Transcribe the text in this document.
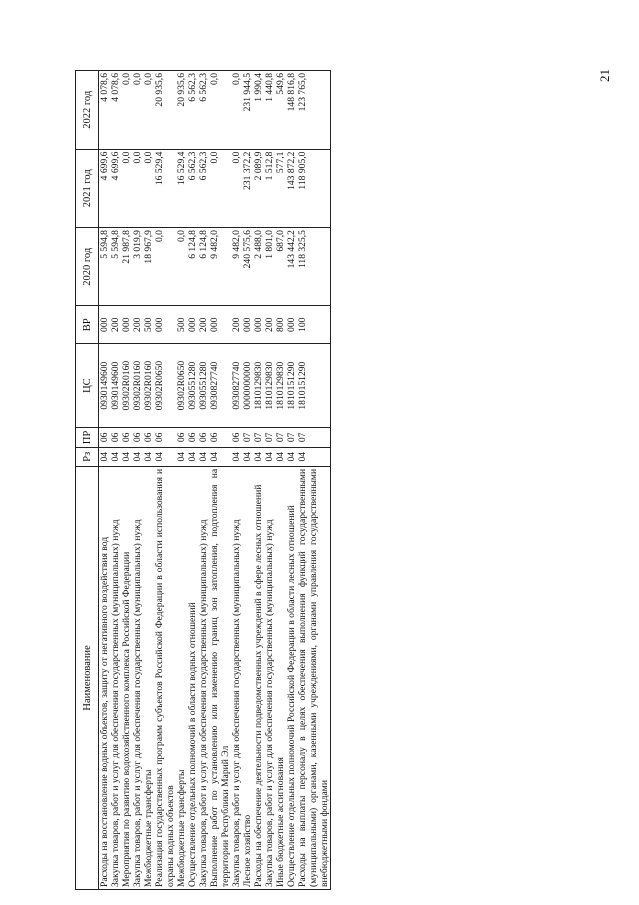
21
Наименование	Рз	ПР	ЦС	ВР	2020 год	2021 год	2022 год
Расходы на восстановление водных объектов, защиту от негативного воздействия вод	04	06	0930149600	000	5 594,8	4 699,6	4 078,6
Закупка товаров, работ и услуг для обеспечения государственных (муниципальных) нужд	04	06	0930149600	200	5 594,8	4 699,6	4 078,6
Мероприятия по развитию водохозяйственного комплекса Российской Федерации	04	06	09302R0160	000	21 987,8	0,0	0,0
Закупка товаров, работ и услуг для обеспечения государственных (муниципальных) нужд	04	06	09302R0160	200	3 019,9	0,0	0,0
Межбюджетные трансферты	04	06	09302R0160	500	18 967,9	0,0	0,0
Реализация государственных программ субъектов Российской Федерации в области использования и охраны водных объектов	04	06	09302R0650	000	0,0	16 529,4	20 935,6
Межбюджетные трансферты	04	06	09302R0650	500	0,0	16 529,4	20 935,6
Осуществление отдельных полномочий в области водных отношений	04	06	0930551280	000	6 124,8	6 562,3	6 562,3
Закупка товаров, работ и услуг для обеспечения государственных (муниципальных) нужд	04	06	0930551280	200	6 124,8	6 562,3	6 562,3
Выполнение работ по установлению или изменению границ зон затопления, подтопления на территории Республики Марий Эл	04	06	0930827740	000	9 482,0	0,0	0,0
Закупка товаров, работ и услуг для обеспечения государственных (муниципальных) нужд	04	06	0930827740	200	9 482,0	0,0	0,0
Лесное хозяйство	04	07	0000000000	000	240 575,6	231 372,2	231 944,5
Расходы на обеспечение деятельности подведомственных учреждений в сфере лесных отношений	04	07	1810129830	000	2 488,0	2 089,9	1 990,4
Закупка товаров, работ и услуг для обеспечения государственных (муниципальных) нужд	04	07	1810129830	200	1 801,0	1 512,8	1 440,8
Иные бюджетные ассигнования	04	07	1810129830	800	687,0	577,1	549,6
Осуществление отдельных полномочий Российской Федерации в области лесных отношений	04	07	1810151290	000	143 442,2	143 872,2	148 816,8
Расходы на выплаты персоналу в целях обеспечения выполнения функций государственными (муниципальными) органами, казенными учреждениями, органами управления государственными внебюджетными фондами	04	07	1810151290	100	118 325,5	118 905,0	123 765,0
